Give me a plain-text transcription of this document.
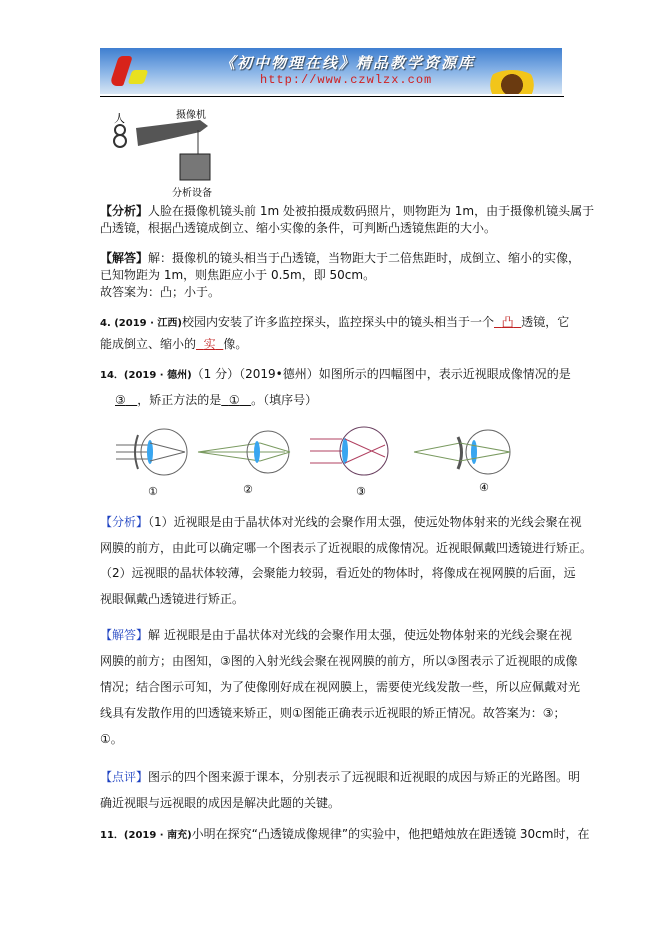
《初中物理在线》精品教学资源库
http://www.czwlzx.com
人	摄像机
分析设备
【分析】人脸在摄像机镜头前 1m 处被拍摄成数码照片，则物距为 1m，由于摄像机镜头属于
凸透镜，根据凸透镜成倒立、缩小实像的条件，可判断凸透镜焦距的大小。
【解答】解：摄像机的镜头相当于凸透镜，当物距大于二倍焦距时，成倒立、缩小的实像，
已知物距为 1m，则焦距应小于 0.5m，即 50cm。
故答案为：凸；小于。
4. (2019 · 江西)校园内安装了许多监控探头，监控探头中的镜头相当于一个 凸 透镜，它
能成倒立、缩小的 实 像。
14．(2019 · 德州)（1 分）（2019•德州）如图所示的四幅图中，表示近视眼成像情况的是
③ ，矫正方法的是 ① 。（填序号）
①	②	③	④
【分析】（1）近视眼是由于晶状体对光线的会聚作用太强，使远处物体射来的光线会聚在视
网膜的前方，由此可以确定哪一个图表示了近视眼的成像情况。近视眼佩戴凹透镜进行矫正。
（2）远视眼的晶状体较薄，会聚能力较弱，看近处的物体时，将像成在视网膜的后面，远
视眼佩戴凸透镜进行矫正。
【解答】解 近视眼是由于晶状体对光线的会聚作用太强，使远处物体射来的光线会聚在视
网膜的前方；由图知，③图的入射光线会聚在视网膜的前方，所以③图表示了近视眼的成像
情况；结合图示可知，为了使像刚好成在视网膜上，需要使光线发散一些，所以应佩戴对光
线具有发散作用的凹透镜来矫正，则①图能正确表示近视眼的矫正情况。故答案为：③；
①。
【点评】图示的四个图来源于课本，分别表示了远视眼和近视眼的成因与矫正的光路图。明
确近视眼与远视眼的成因是解决此题的关键。
11．(2019 · 南充)小明在探究“凸透镜成像规律”的实验中，他把蜡烛放在距透镜 30cm时，在
